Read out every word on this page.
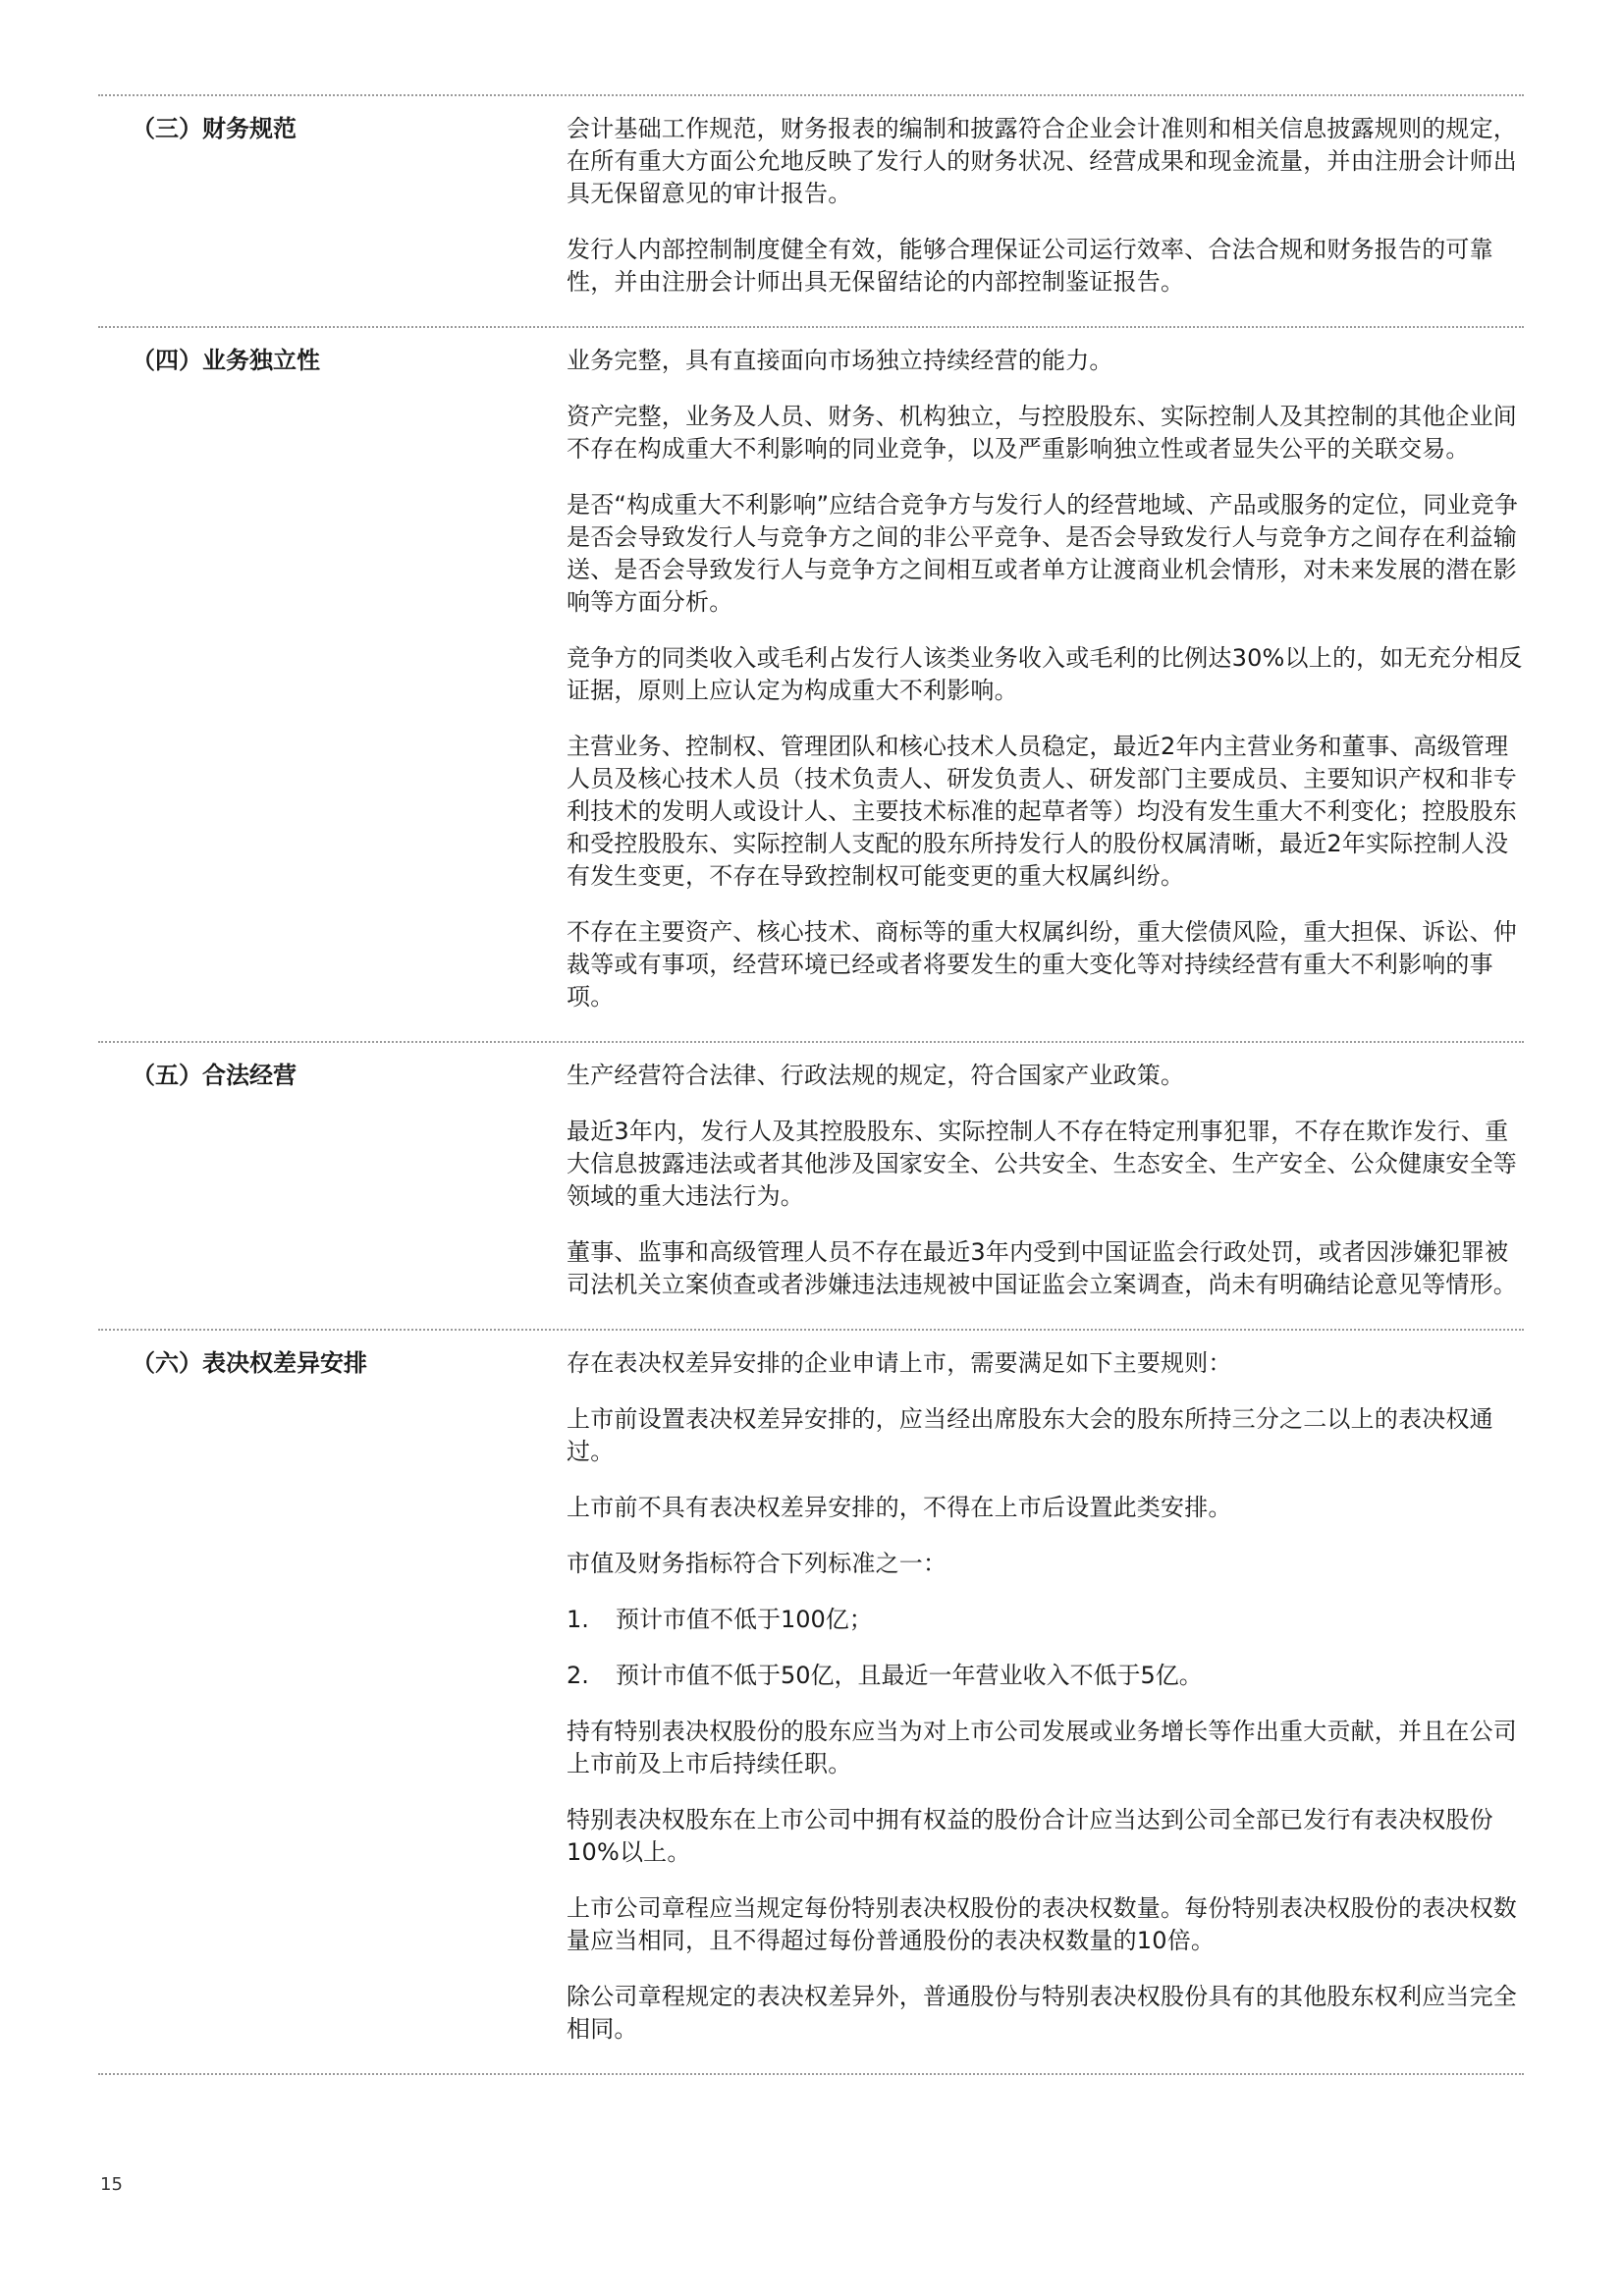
（三）财务规范	会计基础工作规范，财务报表的编制和披露符合企业会计准则和相关信息披露规则的规定，在所有重大方面公允地反映了发行人的财务状况、经营成果和现金流量，并由注册会计师出具无保留意见的审计报告。

发行人内部控制制度健全有效，能够合理保证公司运行效率、合法合规和财务报告的可靠性，并由注册会计师出具无保留结论的内部控制鉴证报告。

（四）业务独立性	业务完整，具有直接面向市场独立持续经营的能力。

资产完整，业务及人员、财务、机构独立，与控股股东、实际控制人及其控制的其他企业间不存在构成重大不利影响的同业竞争，以及严重影响独立性或者显失公平的关联交易。

是否“构成重大不利影响”应结合竞争方与发行人的经营地域、产品或服务的定位，同业竞争是否会导致发行人与竞争方之间的非公平竞争、是否会导致发行人与竞争方之间存在利益输送、是否会导致发行人与竞争方之间相互或者单方让渡商业机会情形，对未来发展的潜在影响等方面分析。

竞争方的同类收入或毛利占发行人该类业务收入或毛利的比例达30%以上的，如无充分相反证据，原则上应认定为构成重大不利影响。

主营业务、控制权、管理团队和核心技术人员稳定，最近2年内主营业务和董事、高级管理人员及核心技术人员（技术负责人、研发负责人、研发部门主要成员、主要知识产权和非专利技术的发明人或设计人、主要技术标准的起草者等）均没有发生重大不利变化；控股股东和受控股股东、实际控制人支配的股东所持发行人的股份权属清晰，最近2年实际控制人没有发生变更，不存在导致控制权可能变更的重大权属纠纷。

不存在主要资产、核心技术、商标等的重大权属纠纷，重大偿债风险，重大担保、诉讼、仲裁等或有事项，经营环境已经或者将要发生的重大变化等对持续经营有重大不利影响的事项。

（五）合法经营	生产经营符合法律、行政法规的规定，符合国家产业政策。

最近3年内，发行人及其控股股东、实际控制人不存在特定刑事犯罪，不存在欺诈发行、重大信息披露违法或者其他涉及国家安全、公共安全、生态安全、生产安全、公众健康安全等领域的重大违法行为。

董事、监事和高级管理人员不存在最近3年内受到中国证监会行政处罚，或者因涉嫌犯罪被司法机关立案侦查或者涉嫌违法违规被中国证监会立案调查，尚未有明确结论意见等情形。

（六）表决权差异安排	存在表决权差异安排的企业申请上市，需要满足如下主要规则：

上市前设置表决权差异安排的，应当经出席股东大会的股东所持三分之二以上的表决权通过。

上市前不具有表决权差异安排的，不得在上市后设置此类安排。

市值及财务指标符合下列标准之一：

1.	预计市值不低于100亿；
2.	预计市值不低于50亿，且最近一年营业收入不低于5亿。

持有特别表决权股份的股东应当为对上市公司发展或业务增长等作出重大贡献，并且在公司上市前及上市后持续任职。

特别表决权股东在上市公司中拥有权益的股份合计应当达到公司全部已发行有表决权股份10%以上。

上市公司章程应当规定每份特别表决权股份的表决权数量。每份特别表决权股份的表决权数量应当相同，且不得超过每份普通股份的表决权数量的10倍。

除公司章程规定的表决权差异外，普通股份与特别表决权股份具有的其他股东权利应当完全相同。

15
